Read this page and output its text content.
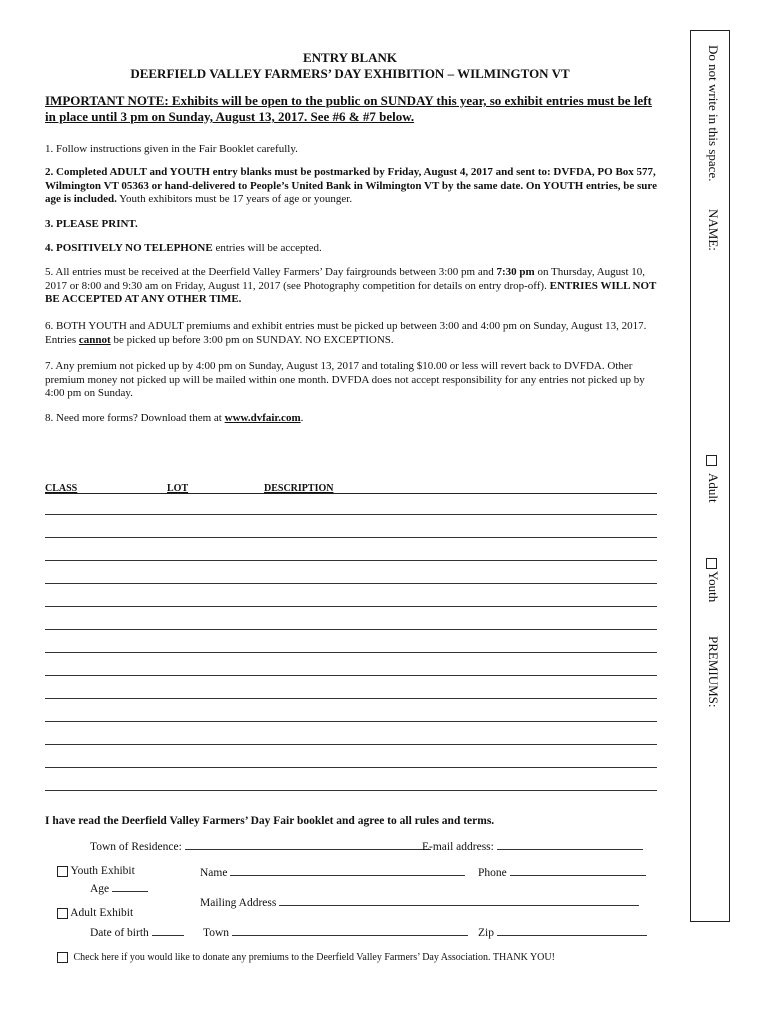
ENTRY BLANK
DEERFIELD VALLEY FARMERS’ DAY EXHIBITION – WILMINGTON VT
IMPORTANT NOTE: Exhibits will be open to the public on SUNDAY this year, so exhibit entries must be left in place until 3 pm on Sunday, August 13, 2017. See #6 & #7 below.
1. Follow instructions given in the Fair Booklet carefully.
2. Completed ADULT and YOUTH entry blanks must be postmarked by Friday, August 4, 2017 and sent to: DVFDA, PO Box 577, Wilmington VT 05363 or hand-delivered to People’s United Bank in Wilmington VT by the same date. On YOUTH entries, be sure age is included. Youth exhibitors must be 17 years of age or younger.
3. PLEASE PRINT.
4. POSITIVELY NO TELEPHONE entries will be accepted.
5. All entries must be received at the Deerfield Valley Farmers’ Day fairgrounds between 3:00 pm and 7:30 pm on Thursday, August 10, 2017 or 8:00 and 9:30 am on Friday, August 11, 2017 (see Photography competition for details on entry drop-off). ENTRIES WILL NOT BE ACCEPTED AT ANY OTHER TIME.
6. BOTH YOUTH and ADULT premiums and exhibit entries must be picked up between 3:00 and 4:00 pm on Sunday, August 13, 2017. Entries cannot be picked up before 3:00 pm on SUNDAY. NO EXCEPTIONS.
7. Any premium not picked up by 4:00 pm on Sunday, August 13, 2017 and totaling $10.00 or less will revert back to DVFDA. Other premium money not picked up will be mailed within one month. DVFDA does not accept responsibility for any entries not picked up by 4:00 pm on Sunday.
8. Need more forms? Download them at www.dvfair.com.
CLASS	LOT	DESCRIPTION
I have read the Deerfield Valley Farmers’ Day Fair booklet and agree to all rules and terms.
Town of Residence:	E-mail address:
Youth Exhibit
Age
Name	Phone
Mailing Address
Adult Exhibit
Date of birth	Town	Zip
Check here if you would like to donate any premiums to the Deerfield Valley Farmers’ Day Association. THANK YOU!
Do not write in this space.
NAME:
Adult
Youth
PREMIUMS:
